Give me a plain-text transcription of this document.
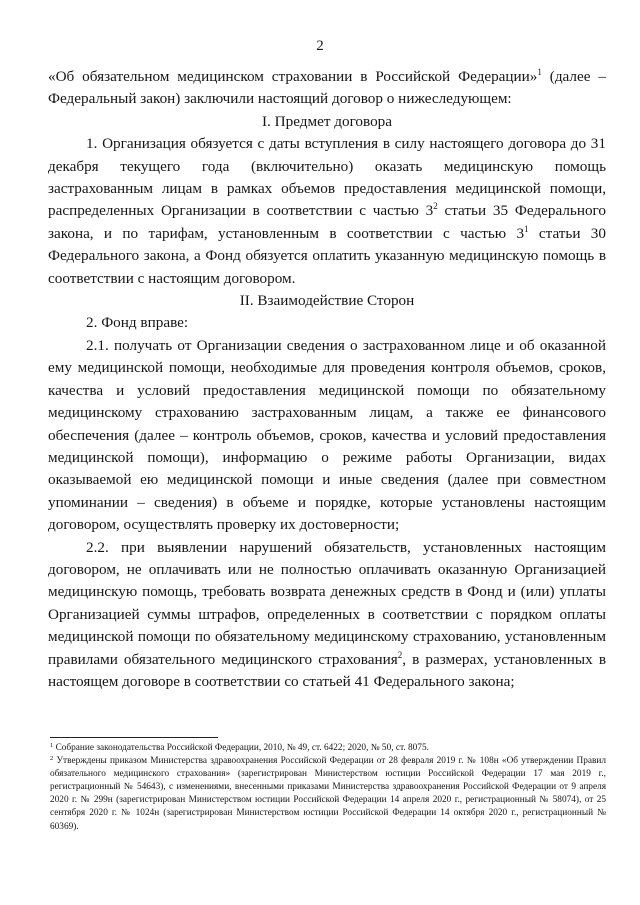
2

«Об обязательном медицинском страховании в Российской Федерации»$^1$ (далее – Федеральный закон) заключили настоящий договор о нижеследующем:

I. Предмет договора

1. Организация обязуется с даты вступления в силу настоящего договора до 31 декабря текущего года (включительно) оказать медицинскую помощь застрахованным лицам в рамках объемов предоставления медицинской помощи, распределенных Организации в соответствии с частью $3^2$ статьи 35 Федерального закона, и по тарифам, установленным в соответствии с частью $3^1$ статьи 30 Федерального закона, а Фонд обязуется оплатить указанную медицинскую помощь в соответствии с настоящим договором.

II. Взаимодействие Сторон

2. Фонд вправе:

2.1. получать от Организации сведения о застрахованном лице и об оказанной ему медицинской помощи, необходимые для проведения контроля объемов, сроков, качества и условий предоставления медицинской помощи по обязательному медицинскому страхованию застрахованным лицам, а также ее финансового обеспечения (далее – контроль объемов, сроков, качества и условий предоставления медицинской помощи), информацию о режиме работы Организации, видах оказываемой ею медицинской помощи и иные сведения (далее при совместном упоминании – сведения) в объеме и порядке, которые установлены настоящим договором, осуществлять проверку их достоверности;

2.2. при выявлении нарушений обязательств, установленных настоящим договором, не оплачивать или не полностью оплачивать оказанную Организацией медицинскую помощь, требовать возврата денежных средств в Фонд и (или) уплаты Организацией суммы штрафов, определенных в соответствии с порядком оплаты медицинской помощи по обязательному медицинскому страхованию, установленным правилами обязательного медицинского страхования$^2$, в размерах, установленных в настоящем договоре в соответствии со статьей 41 Федерального закона;

$^1$ Собрание законодательства Российской Федерации, 2010, № 49, ст. 6422; 2020, № 50, ст. 8075.

$^2$ Утверждены приказом Министерства здравоохранения Российской Федерации от 28 февраля 2019 г. № 108н «Об утверждении Правил обязательного медицинского страхования» (зарегистрирован Министерством юстиции Российской Федерации 17 мая 2019 г., регистрационный № 54643), с изменениями, внесенными приказами Министерства здравоохранения Российской Федерации от 9 апреля 2020 г. № 299н (зарегистрирован Министерством юстиции Российской Федерации 14 апреля 2020 г., регистрационный № 58074), от 25 сентября 2020 г. № 1024н (зарегистрирован Министерством юстиции Российской Федерации 14 октября 2020 г., регистрационный № 60369).
